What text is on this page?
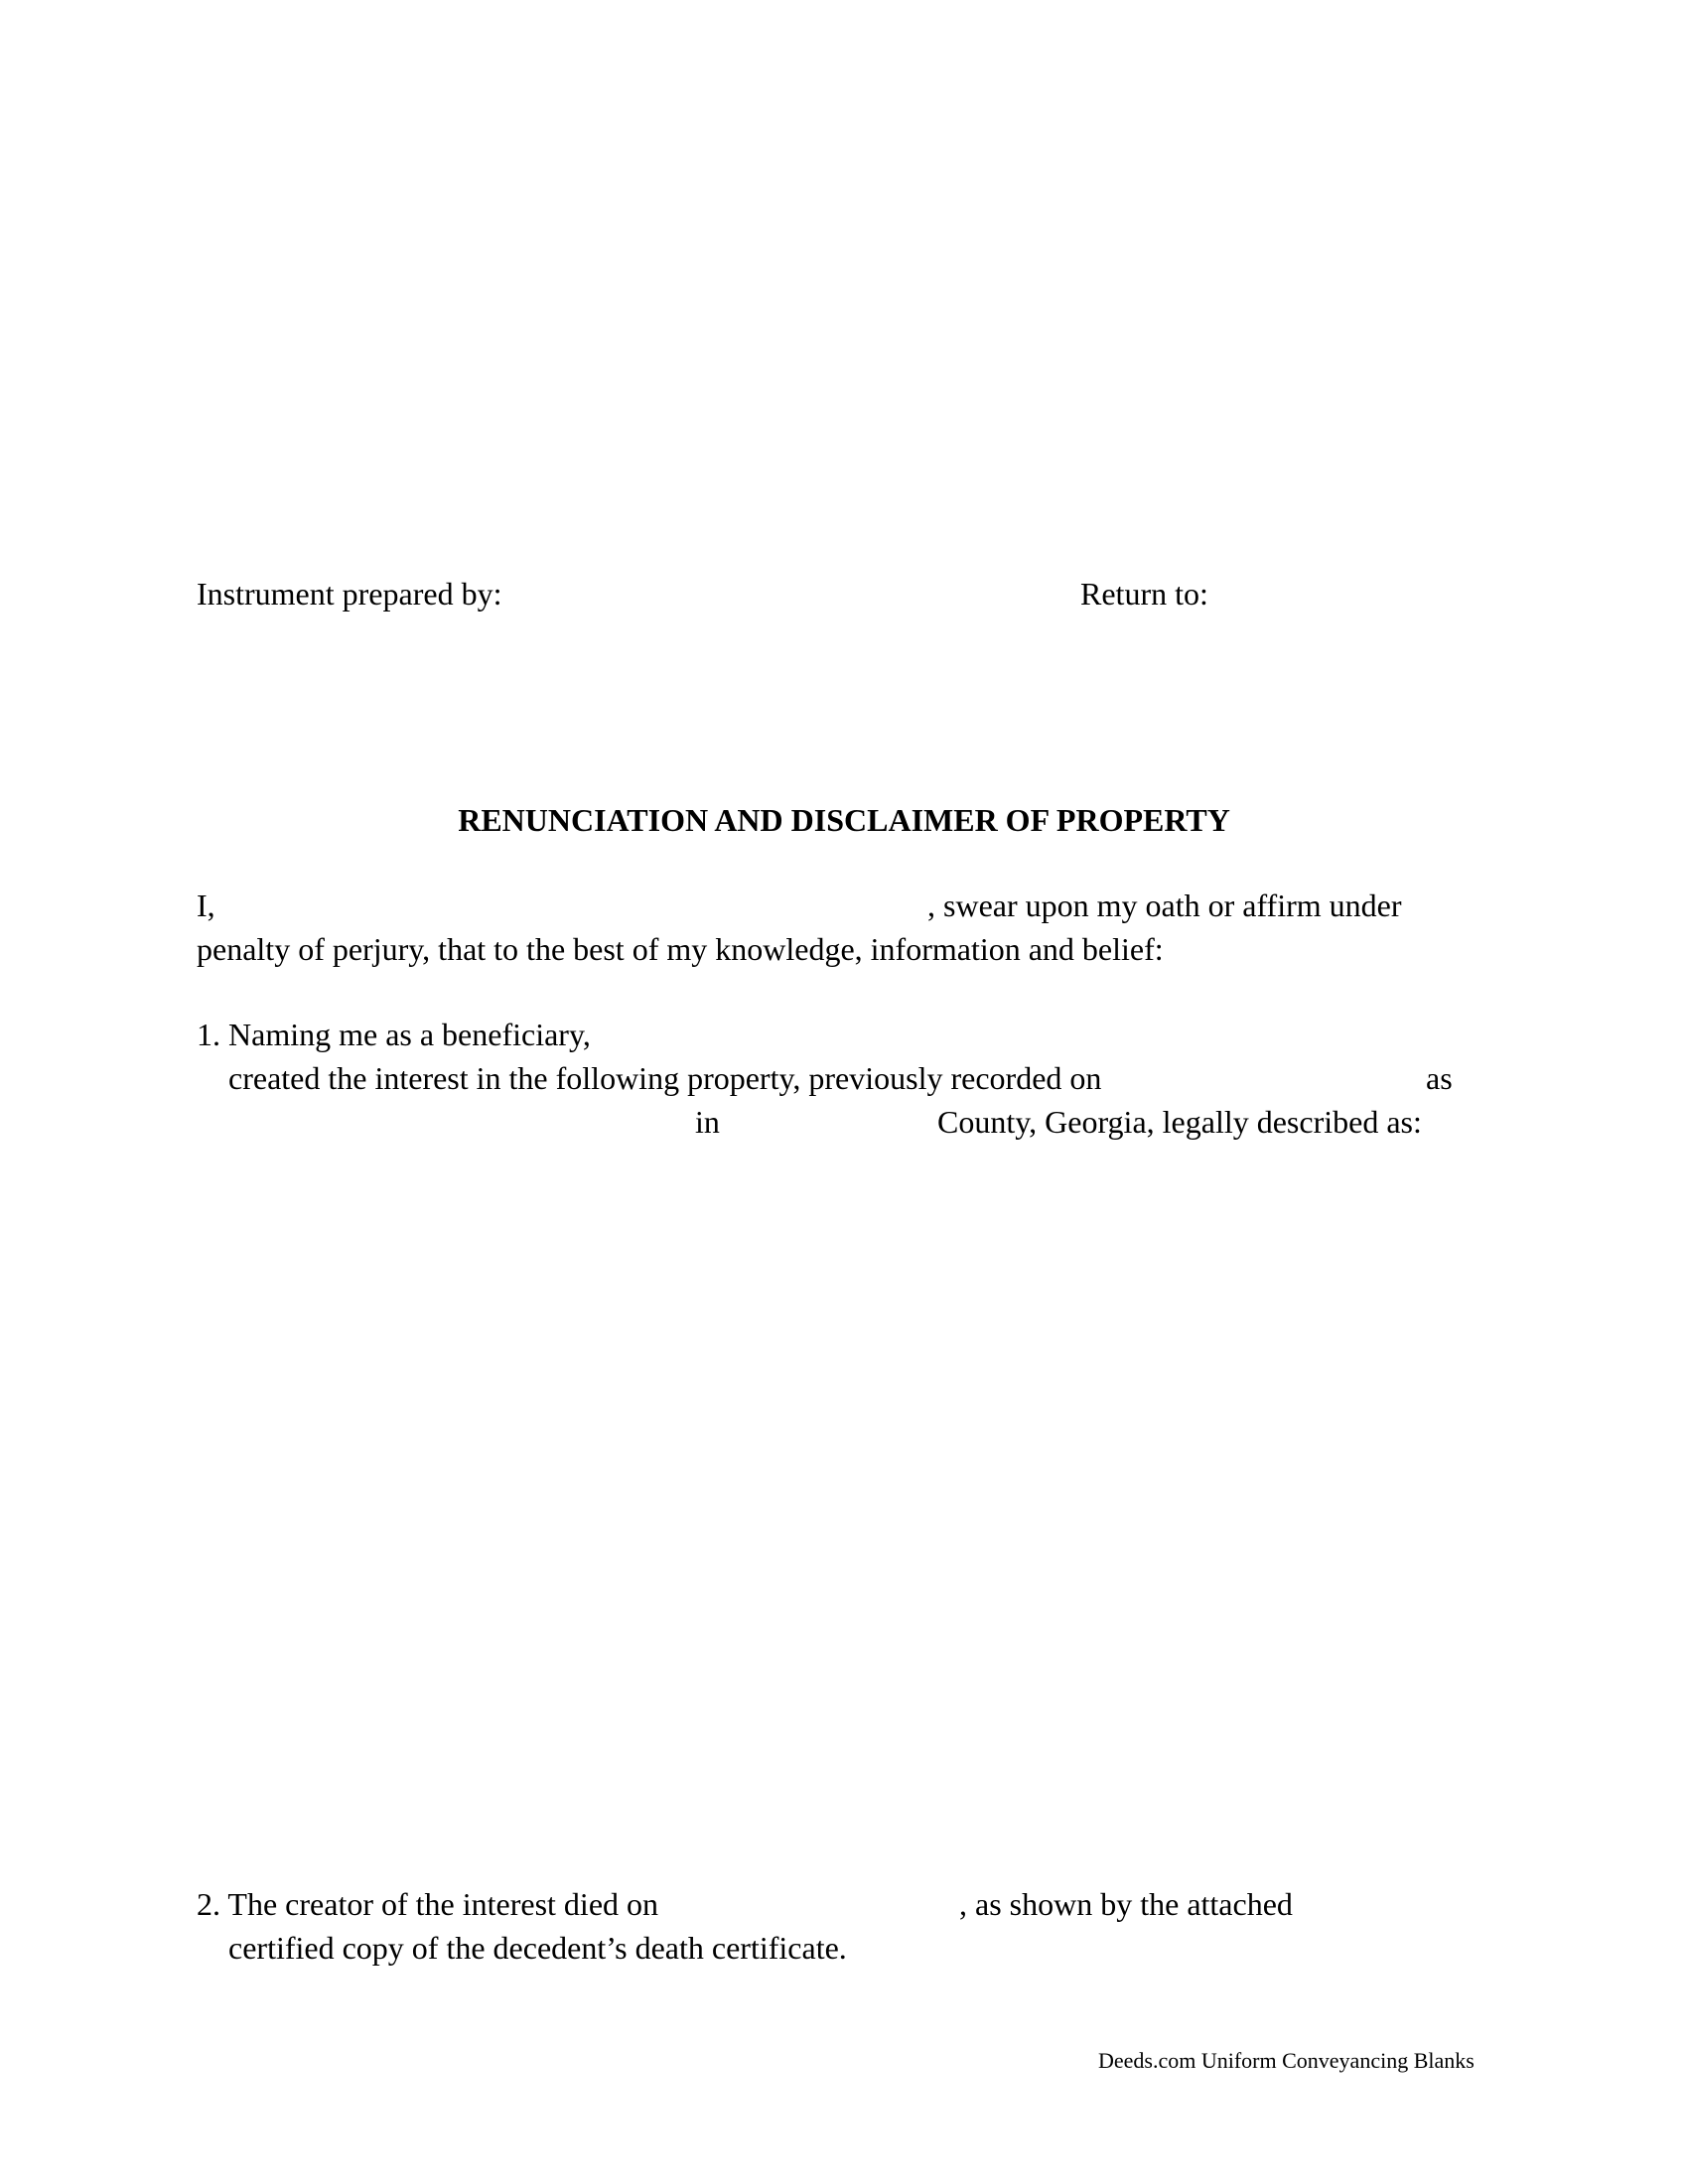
Instrument prepared by:	Return to:
RENUNCIATION AND DISCLAIMER OF PROPERTY
I,	, swear upon my oath or affirm under
penalty of perjury, that to the best of my knowledge, information and belief:
1. Naming me as a beneficiary,
created the interest in the following property, previously recorded on	as
in	County, Georgia, legally described as:
2. The creator of the interest died on	, as shown by the attached
certified copy of the decedent’s death certificate.
Deeds.com Uniform Conveyancing Blanks
